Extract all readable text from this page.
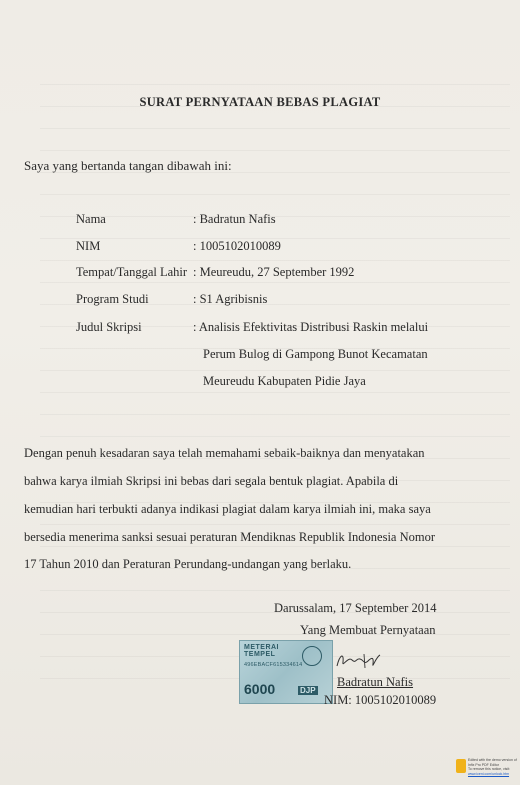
SURAT PERNYATAAN BEBAS PLAGIAT
Saya yang bertanda tangan dibawah ini:
Nama	: Badratun Nafis
NIM	: 1005102010089
Tempat/Tanggal Lahir : Meureudu, 27 September 1992
Program Studi	: S1 Agribisnis
Judul Skripsi	: Analisis Efektivitas Distribusi Raskin melalui
Perum Bulog di Gampong Bunot Kecamatan
Meureudu Kabupaten Pidie Jaya
Dengan penuh kesadaran saya telah memahami sebaik-baiknya dan menyatakan
bahwa karya ilmiah Skripsi ini bebas dari segala bentuk plagiat. Apabila di
kemudian hari terbukti adanya indikasi plagiat dalam karya ilmiah ini, maka saya
bersedia menerima sanksi sesuai peraturan Mendiknas Republik Indonesia Nomor
17 Tahun 2010 dan Peraturan Perundang-undangan yang berlaku.
Darussalam, 17 September 2014
Yang Membuat Pernyataan
METERAI
TEMPEL
496EBACF615334614
6000	DJP
Badratun Nafis
NIM: 1005102010089
Edited with the demo version of
Infix Pro PDF Editor
To remove this notice, visit:
www.iceni.com/unlock.htm
